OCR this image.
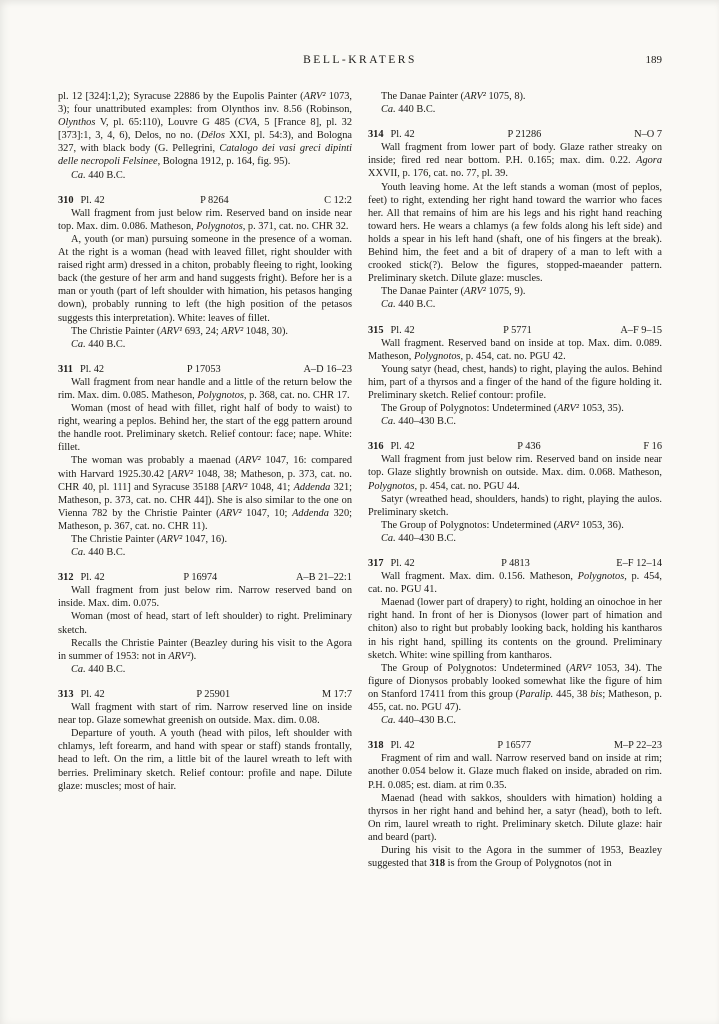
BELL-KRATERS	189

pl. 12 [324]:1,2); Syracuse 22886 by the Eupolis Painter (ARV² 1073, 3); four unattributed examples: from Olynthos inv. 8.56 (Robinson, Olynthos V, pl. 65:110), Louvre G 485 (CVA, 5 [France 8], pl. 32 [373]:1, 3, 4, 6), Delos, no no. (Délos XXI, pl. 54:3), and Bologna 327, with black body (G. Pellegrini, Catalogo dei vasi greci dipinti delle necropoli Felsinee, Bologna 1912, p. 164, fig. 95).

Ca. 440 B.C.

310 Pl. 42	P 8264	C 12:2

Wall fragment from just below rim. Reserved band on inside near top. Max. dim. 0.086. Matheson, Polygnotos, p. 371, cat. no. CHR 32.

A, youth (or man) pursuing someone in the presence of a woman. At the right is a woman (head with leaved fillet, right shoulder with raised right arm) dressed in a chiton, probably fleeing to right, looking back (the gesture of her arm and hand suggests fright). Before her is a man or youth (part of left shoulder with himation, his petasos hanging down), probably running to left (the high position of the petasos suggests this interpretation). White: leaves of fillet.

The Christie Painter (ARV¹ 693, 24; ARV² 1048, 30).

Ca. 440 B.C.

311 Pl. 42	P 17053	A–D 16–23

Wall fragment from near handle and a little of the return below the rim. Max. dim. 0.085. Matheson, Polygnotos, p. 368, cat. no. CHR 17.

Woman (most of head with fillet, right half of body to waist) to right, wearing a peplos. Behind her, the start of the egg pattern around the handle root. Preliminary sketch. Relief contour: face; nape. White: fillet.

The woman was probably a maenad (ARV² 1047, 16: compared with Harvard 1925.30.42 [ARV² 1048, 38; Matheson, p. 373, cat. no. CHR 40, pl. 111] and Syracuse 35188 [ARV² 1048, 41; Addenda 321; Matheson, p. 373, cat. no. CHR 44]). She is also similar to the one on Vienna 782 by the Christie Painter (ARV² 1047, 10; Addenda 320; Matheson, p. 367, cat. no. CHR 11).

The Christie Painter (ARV² 1047, 16).

Ca. 440 B.C.

312 Pl. 42	P 16974	A–B 21–22:1

Wall fragment from just below rim. Narrow reserved band on inside. Max. dim. 0.075.

Woman (most of head, start of left shoulder) to right. Preliminary sketch.

Recalls the Christie Painter (Beazley during his visit to the Agora in summer of 1953: not in ARV²).

Ca. 440 B.C.

313 Pl. 42	P 25901	M 17:7

Wall fragment with start of rim. Narrow reserved line on inside near top. Glaze somewhat greenish on outside. Max. dim. 0.08.

Departure of youth. A youth (head with pilos, left shoulder with chlamys, left forearm, and hand with spear or staff) stands frontally, head to left. On the rim, a little bit of the laurel wreath to left with berries. Preliminary sketch. Relief contour: profile and nape. Dilute glaze: muscles; most of hair.

The Danae Painter (ARV² 1075, 8).

Ca. 440 B.C.

314 Pl. 42	P 21286	N–O 7

Wall fragment from lower part of body. Glaze rather streaky on inside; fired red near bottom. P.H. 0.165; max. dim. 0.22. Agora XXVII, p. 176, cat. no. 77, pl. 39.

Youth leaving home. At the left stands a woman (most of peplos, feet) to right, extending her right hand toward the warrior who faces her. All that remains of him are his legs and his right hand reaching toward hers. He wears a chlamys (a few folds along his left side) and holds a spear in his left hand (shaft, one of his fingers at the break). Behind him, the feet and a bit of drapery of a man to left with a crooked stick(?). Below the figures, stopped-maeander pattern. Preliminary sketch. Dilute glaze: muscles.

The Danae Painter (ARV² 1075, 9).

Ca. 440 B.C.

315 Pl. 42	P 5771	A–F 9–15

Wall fragment. Reserved band on inside at top. Max. dim. 0.089. Matheson, Polygnotos, p. 454, cat. no. PGU 42.

Young satyr (head, chest, hands) to right, playing the aulos. Behind him, part of a thyrsos and a finger of the hand of the figure holding it. Preliminary sketch. Relief contour: profile.

The Group of Polygnotos: Undetermined (ARV² 1053, 35).

Ca. 440–430 B.C.

316 Pl. 42	P 436	F 16

Wall fragment from just below rim. Reserved band on inside near top. Glaze slightly brownish on outside. Max. dim. 0.068. Matheson, Polygnotos, p. 454, cat. no. PGU 44.

Satyr (wreathed head, shoulders, hands) to right, playing the aulos. Preliminary sketch.

The Group of Polygnotos: Undetermined (ARV² 1053, 36).

Ca. 440–430 B.C.

317 Pl. 42	P 4813	E–F 12–14

Wall fragment. Max. dim. 0.156. Matheson, Polygnotos, p. 454, cat. no. PGU 41.

Maenad (lower part of drapery) to right, holding an oinochoe in her right hand. In front of her is Dionysos (lower part of himation and chiton) also to right but probably looking back, holding his kantharos in his right hand, spilling its contents on the ground. Preliminary sketch. White: wine spilling from kantharos.

The Group of Polygnotos: Undetermined (ARV² 1053, 34). The figure of Dionysos probably looked somewhat like the figure of him on Stanford 17411 from this group (Paralip. 445, 38 bis; Matheson, p. 455, cat. no. PGU 47).

Ca. 440–430 B.C.

318 Pl. 42	P 16577	M–P 22–23

Fragment of rim and wall. Narrow reserved band on inside at rim; another 0.054 below it. Glaze much flaked on inside, abraded on rim. P.H. 0.085; est. diam. at rim 0.35.

Maenad (head with sakkos, shoulders with himation) holding a thyrsos in her right hand and behind her, a satyr (head), both to left. On rim, laurel wreath to right. Preliminary sketch. Dilute glaze: hair and beard (part).

During his visit to the Agora in the summer of 1953, Beazley suggested that 318 is from the Group of Polygnotos (not in
